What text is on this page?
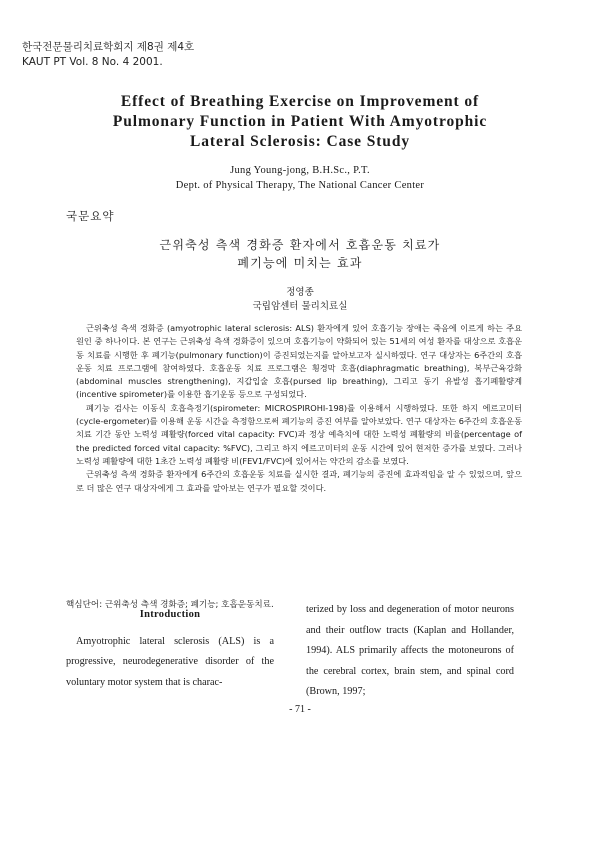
한국전문물리치료학회지 제8권 제4호
KAUT PT Vol. 8 No. 4 2001.
Effect of Breathing Exercise on Improvement of
Pulmonary Function in Patient With Amyotrophic
Lateral Sclerosis: Case Study
Jung Young-jong, B.H.Sc., P.T.
Dept. of Physical Therapy, The National Cancer Center
국문요약
근위축성 측색 경화증 환자에서 호흡운동 치료가
폐기능에 미치는 효과
정영종
국립암센터 물리치료실

근위축성 측색 경화증 (amyotrophic lateral sclerosis: ALS) 환자에게 있어 호흡기능 장애는 죽음에 이르게 하는 주요 원인 중 하나이다. 본 연구는 근위축성 측색 경화증이 있으며 호흡기능이 약화되어 있는 51세의 여성 환자를 대상으로 호흡운동 치료를 시행한 후 폐기능(pulmonary function)이 증진되었는지를 알아보고자 실시하였다. 연구 대상자는 6주간의 호흡운동 치료 프로그램에 참여하였다. 호흡운동 치료 프로그램은 횡경막 호흡(diaphragmatic breathing), 복부근육강화(abdominal muscles strengthening), 지갑입술 호흡(pursed lip breathing), 그리고 동기 유발성 흡기폐활량계(incentive spirometer)를 이용한 흡기운동 등으로 구성되었다.

폐기능 검사는 이동식 호흡측정기(spirometer: MICROSPIROHI-198)를 이용해서 시행하였다. 또한 하지 에르고미터(cycle-ergometer)를 이용해 운동 시간을 측정함으로써 폐기능의 증진 여부를 알아보았다. 연구 대상자는 6주간의 호흡운동 치료 기간 동안 노력성 폐활량(forced vital capacity: FVC)과 정상 예측치에 대한 노력성 폐활량의 비율(percentage of the predicted forced vital capacity: %FVC), 그리고 하지 에르고미터의 운동 시간에 있어 현저한 증가를 보였다. 그러나 노력성 폐활량에 대한 1초간 노력성 폐활량 비(FEV1/FVC)에 있어서는 약간의 감소를 보였다.

근위축성 측색 경화증 환자에게 6주간의 호흡운동 치료를 실시한 결과, 폐기능의 증진에 효과적임을 알 수 있었으며, 앞으로 더 많은 연구 대상자에게 그 효과를 알아보는 연구가 필요할 것이다.

핵심단어: 근위축성 측색 경화증; 폐기능; 호흡운동치료.
Introduction

Amyotrophic lateral sclerosis (ALS) is a progressive, neurodegenerative disorder of the voluntary motor system that is charac-

terized by loss and degeneration of motor neurons and their outflow tracts (Kaplan and Hollander, 1994). ALS primarily affects the motoneurons of the cerebral cortex, brain stem, and spinal cord (Brown, 1997;

- 71 -
